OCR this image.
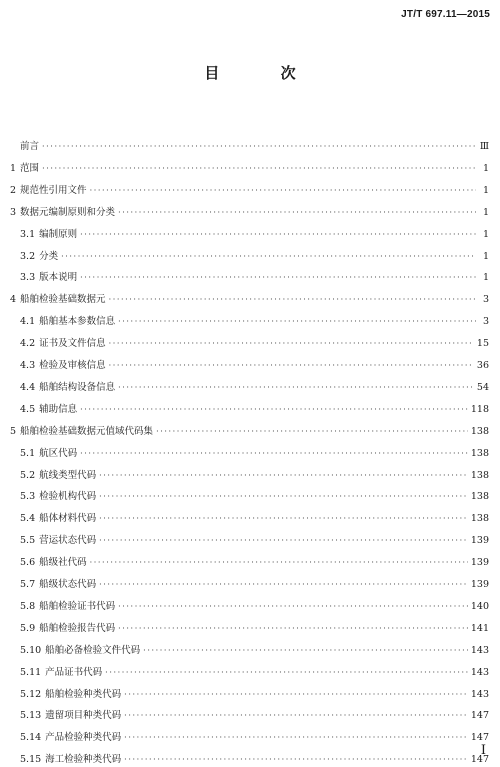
JT/T 697.11—2015
目 次
前言 ·····	Ⅲ
1 范围 ·····	1
2 规范性引用文件 ·····	1
3 数据元编制原则和分类 ·····	1
3.1 编制原则 ·····	1
3.2 分类 ·····	1
3.3 版本说明 ·····	1
4 船舶检验基础数据元 ·····	3
4.1 船舶基本参数信息 ·····	3
4.2 证书及文件信息 ·····	15
4.3 检验及审核信息 ·····	36
4.4 船舶结构设备信息 ·····	54
4.5 辅助信息 ·····	118
5 船舶检验基础数据元值域代码集 ·····	138
5.1 航区代码 ·····	138
5.2 航线类型代码 ·····	138
5.3 检验机构代码 ·····	138
5.4 船体材料代码 ·····	138
5.5 营运状态代码 ·····	139
5.6 船级社代码 ·····	139
5.7 船级状态代码 ·····	139
5.8 船舶检验证书代码 ·····	140
5.9 船舶检验报告代码 ·····	141
5.10 船舶必备检验文件代码 ·····	143
5.11 产品证书代码 ·····	143
5.12 船舶检验种类代码 ·····	143
5.13 遗留项目种类代码 ·····	147
5.14 产品检验种类代码 ·····	147
5.15 海工检验种类代码 ·····	147
Ⅰ
